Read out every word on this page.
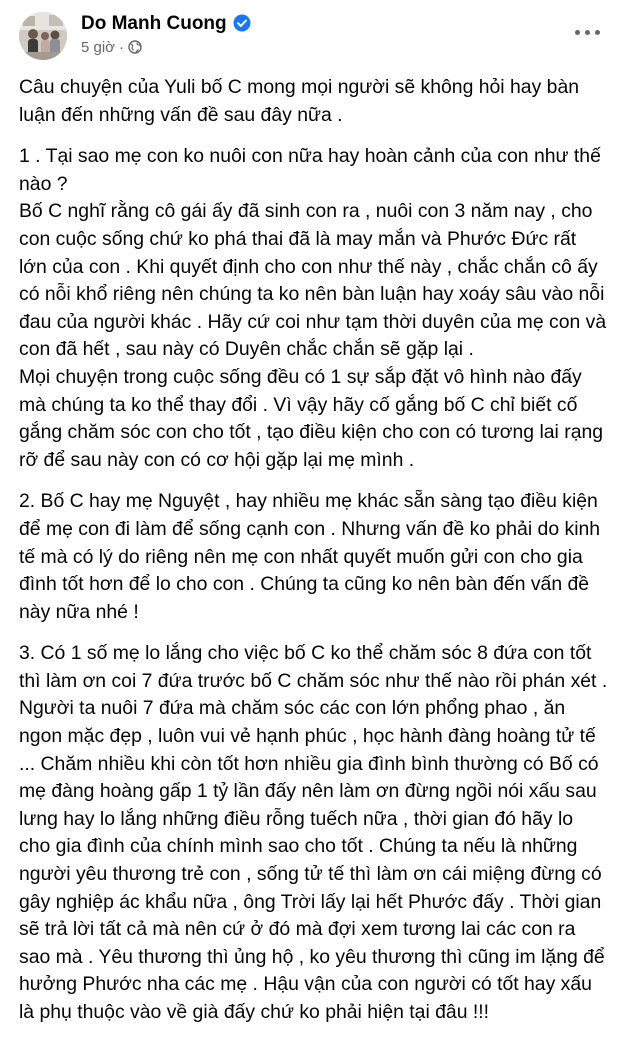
Do Manh Cuong
5 giờ ·

Câu chuyện của Yuli bố C mong mọi người sẽ không hỏi hay bàn luận đến những vấn đề sau đây nữa .

1 . Tại sao mẹ con ko nuôi con nữa hay hoàn cảnh của con như thế nào ?
Bố C nghĩ rằng cô gái ấy đã sinh con ra , nuôi con 3 năm nay , cho con cuộc sống chứ ko phá thai đã là may mắn và Phước Đức rất lớn của con . Khi quyết định cho con như thế này , chắc chắn cô ấy có nỗi khổ riêng nên chúng ta ko nên bàn luận hay xoáy sâu vào nỗi đau của người khác . Hãy cứ coi như tạm thời duyên của mẹ con và con đã hết , sau này có Duyên chắc chắn sẽ gặp lại .
Mọi chuyện trong cuộc sống đều có 1 sự sắp đặt vô hình nào đấy mà chúng ta ko thể thay đổi . Vì vậy hãy cố gắng bố C chỉ biết cố gắng chăm sóc con cho tốt , tạo điều kiện cho con có tương lai rạng rỡ để sau này con có cơ hội gặp lại mẹ mình .

2. Bố C hay mẹ Nguyệt , hay nhiều mẹ khác sẵn sàng tạo điều kiện để mẹ con đi làm để sống cạnh con . Nhưng vấn đề ko phải do kinh tế mà có lý do riêng nên mẹ con nhất quyết muốn gửi con cho gia đình tốt hơn để lo cho con . Chúng ta cũng ko nên bàn đến vấn đề này nữa nhé !

3. Có 1 số mẹ lo lắng cho việc bố C ko thể chăm sóc 8 đứa con tốt thì làm ơn coi 7 đứa trước bố C chăm sóc như thế nào rồi phán xét . Người ta nuôi 7 đứa mà chăm sóc các con lớn phổng phao , ăn ngon mặc đẹp , luôn vui vẻ hạnh phúc , học hành đàng hoàng tử tế ... Chăm nhiều khi còn tốt hơn nhiều gia đình bình thường có Bố có mẹ đàng hoàng gấp 1 tỷ lần đấy nên làm ơn đừng ngồi nói xấu sau lưng hay lo lắng những điều rỗng tuếch nữa , thời gian đó hãy lo cho gia đình của chính mình sao cho tốt . Chúng ta nếu là những người yêu thương trẻ con , sống tử tế thì làm ơn cái miệng đừng có gây nghiệp ác khẩu nữa , ông Trời lấy lại hết Phước đấy . Thời gian sẽ trả lời tất cả mà nên cứ ở đó mà đợi xem tương lai các con ra sao mà . Yêu thương thì ủng hộ , ko yêu thương thì cũng im lặng để hưởng Phước nha các mẹ . Hậu vận của con người có tốt hay xấu là phụ thuộc vào về già đấy chứ ko phải hiện tại đâu !!!
